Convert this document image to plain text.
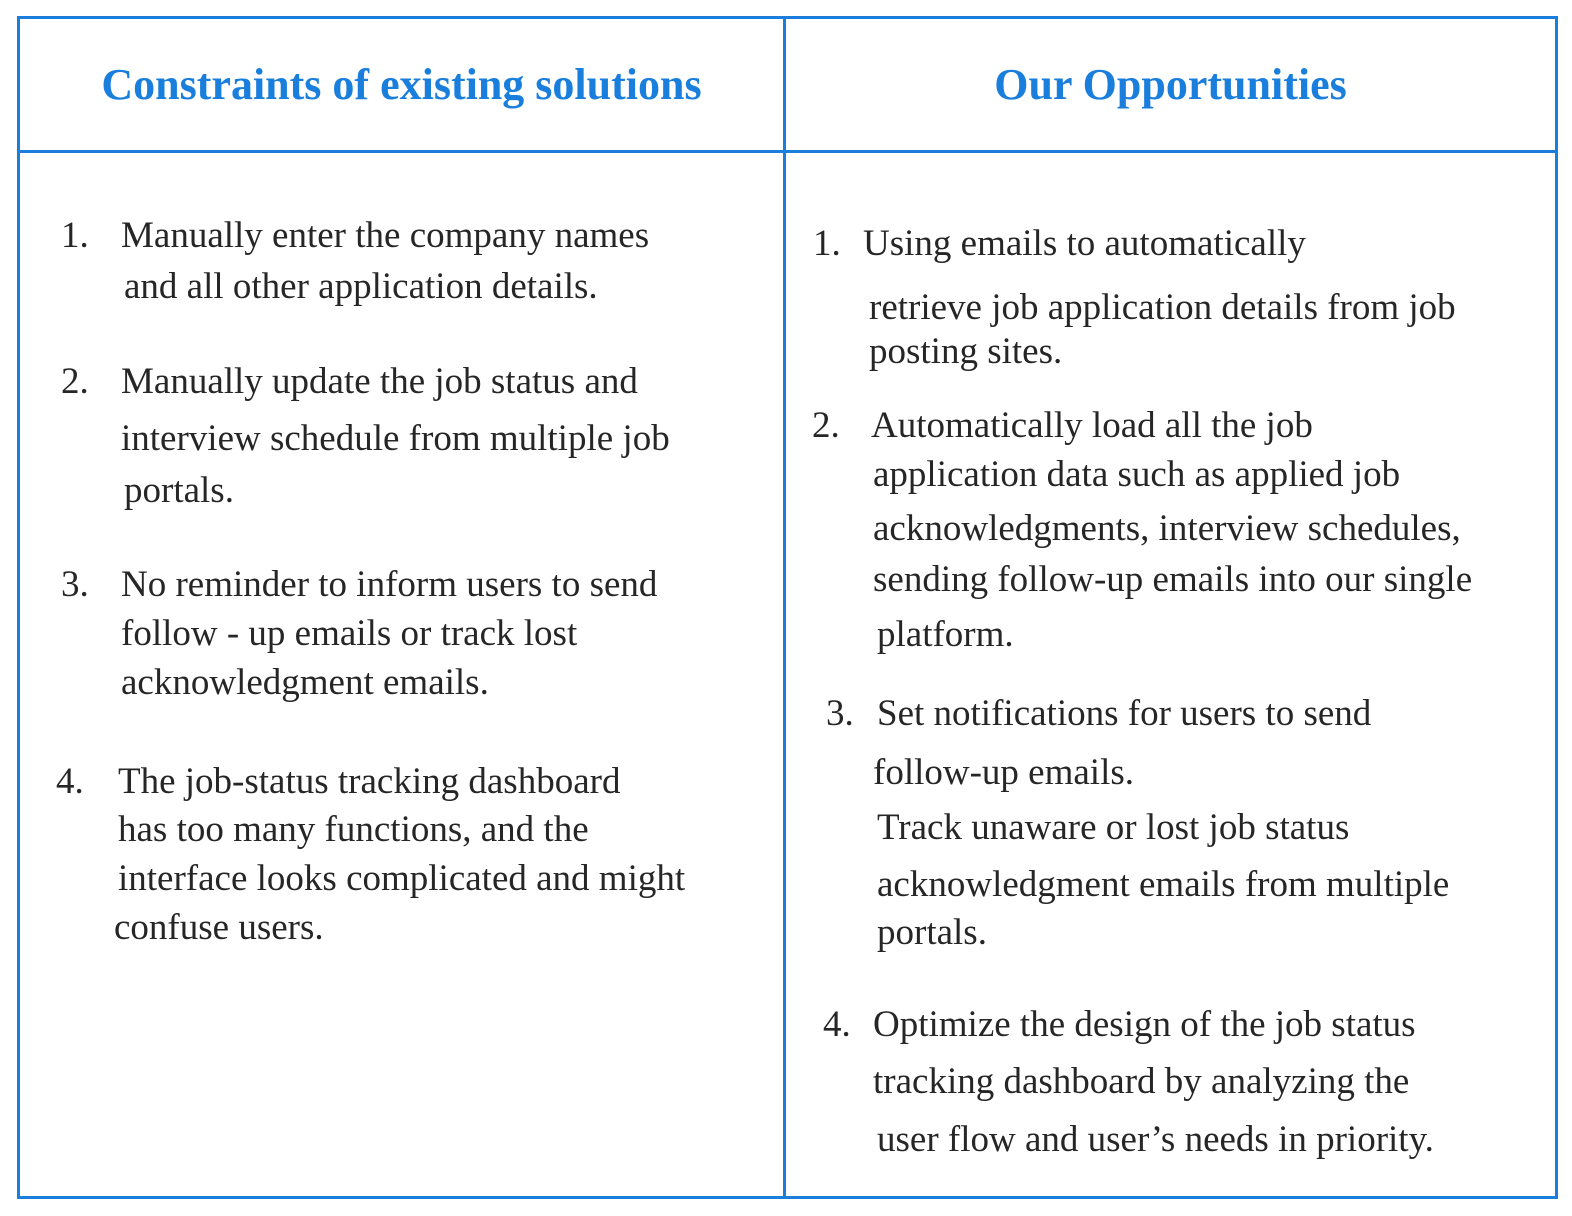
Constraints of existing solutions	Our Opportunities
1. Manually enter the company names
and all other application details.
2. Manually update the job status and
interview schedule from multiple job
portals.
3. No reminder to inform users to send
follow - up emails or track lost
acknowledgment emails.
4. The job-status tracking dashboard
has too many functions, and the
interface looks complicated and might
confuse users.
1. Using emails to automatically
retrieve job application details from job
posting sites.
2. Automatically load all the job
application data such as applied job
acknowledgments, interview schedules,
sending follow-up emails into our single
platform.
3. Set notifications for users to send
follow-up emails.
Track unaware or lost job status
acknowledgment emails from multiple
portals.
4. Optimize the design of the job status
tracking dashboard by analyzing the
user flow and user’s needs in priority.
